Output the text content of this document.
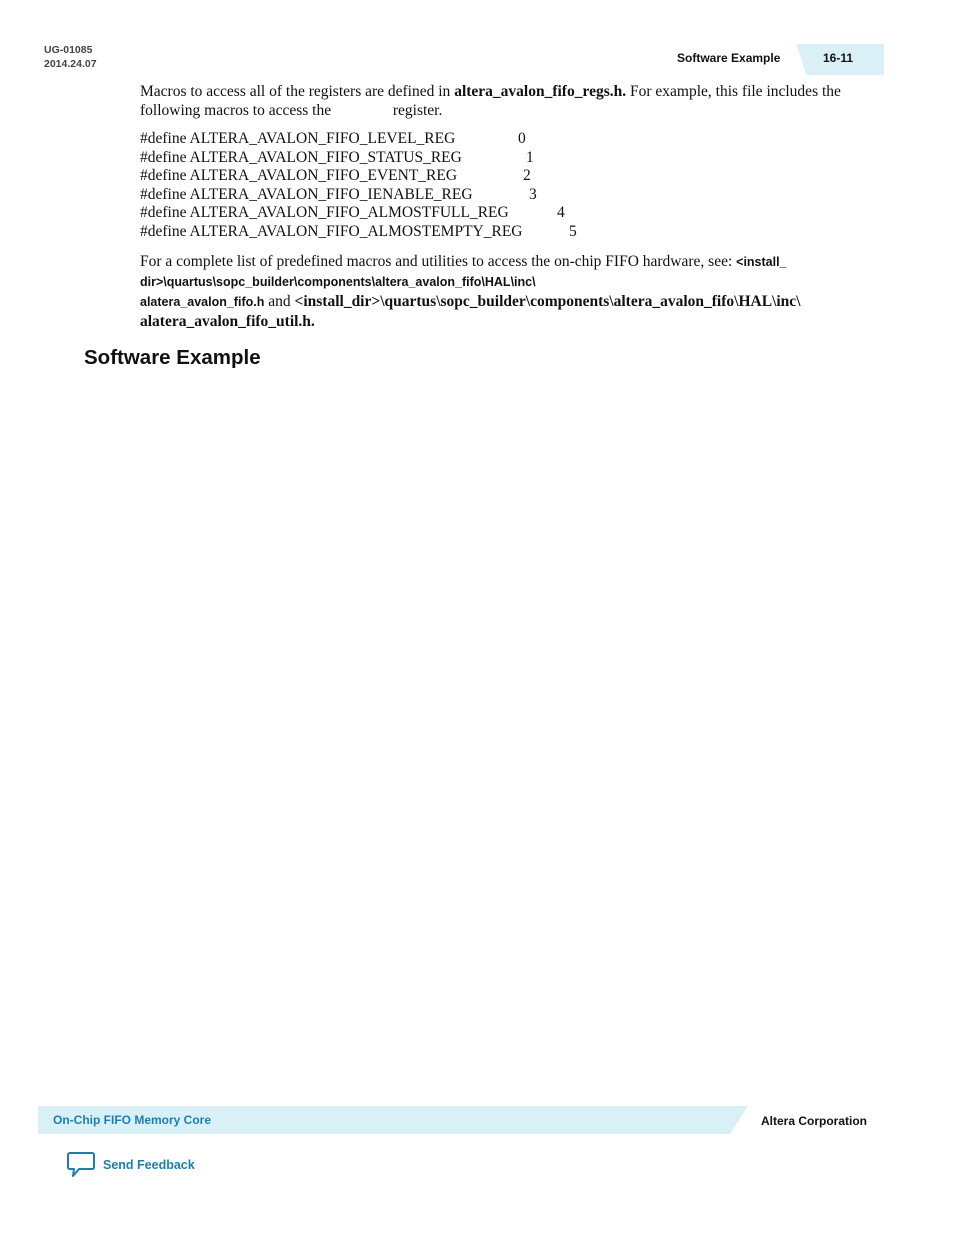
UG-01085
2014.24.07	Software Example	16-11
Macros to access all of the registers are defined in altera_avalon_fifo_regs.h. For example, this file includes the following macros to access the	register.
#define ALTERA_AVALON_FIFO_LEVEL_REG	0
#define ALTERA_AVALON_FIFO_STATUS_REG	1
#define ALTERA_AVALON_FIFO_EVENT_REG	2
#define ALTERA_AVALON_FIFO_IENABLE_REG	3
#define ALTERA_AVALON_FIFO_ALMOSTFULL_REG	4
#define ALTERA_AVALON_FIFO_ALMOSTEMPTY_REG	5
For a complete list of predefined macros and utilities to access the on-chip FIFO hardware, see: <install_
dir>\quartus\sopc_builder\components\altera_avalon_fifo\HAL\inc\
alatera_avalon_fifo.h and <install_dir>\quartus\sopc_builder\components\altera_avalon_fifo\HAL\inc\
alatera_avalon_fifo_util.h.
Software Example
On-Chip FIFO Memory Core	Altera Corporation
Send Feedback
